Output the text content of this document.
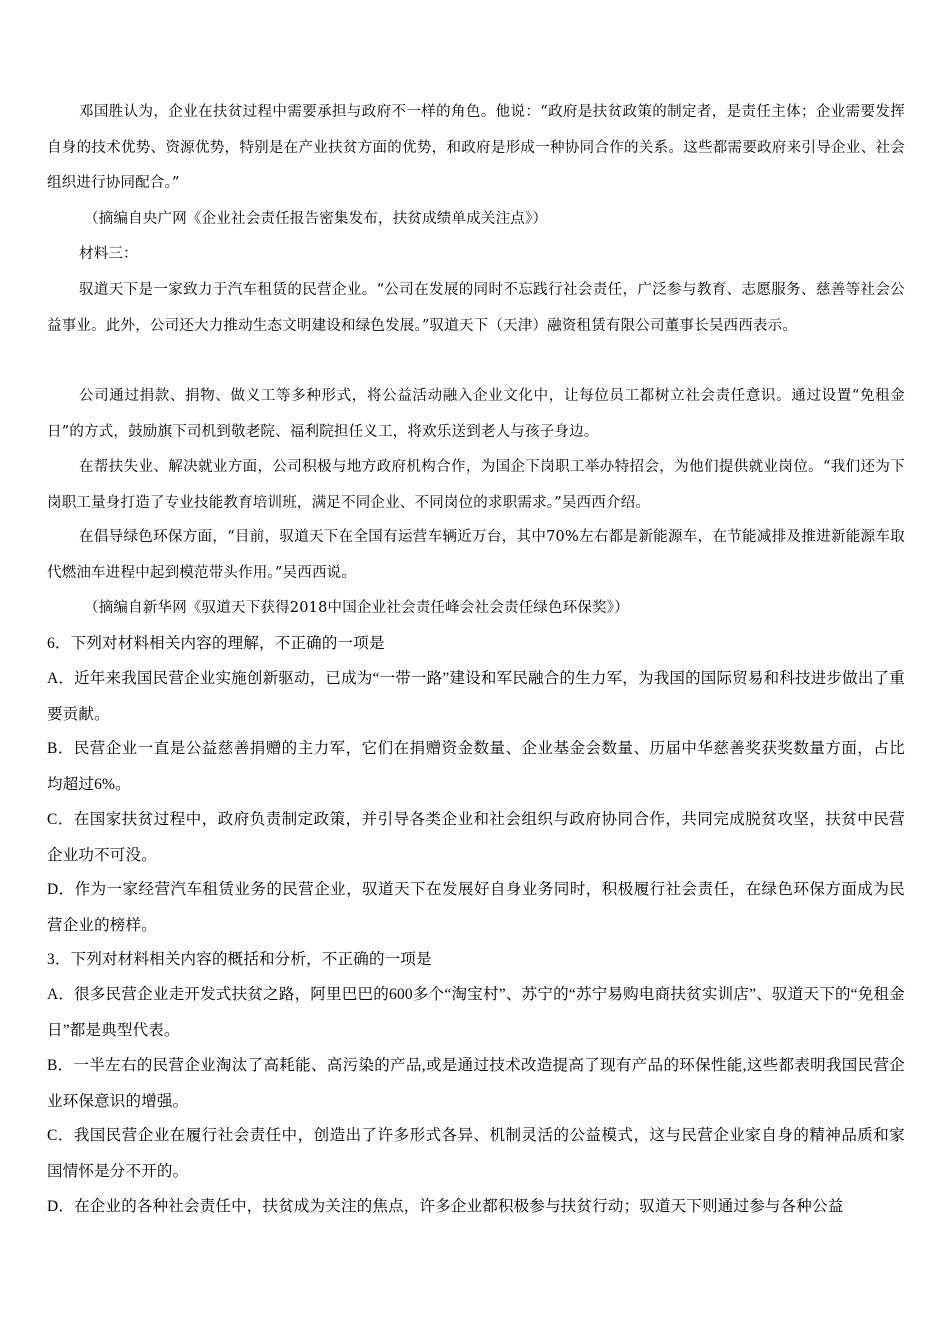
邓国胜认为，企业在扶贫过程中需要承担与政府不一样的角色。他说：“政府是扶贫政策的制定者，是责任主体；企业需要发挥自身的技术优势、资源优势，特别是在产业扶贫方面的优势，和政府是形成一种协同合作的关系。这些都需要政府来引导企业、社会组织进行协同配合。”

（摘编自央广网《企业社会责任报告密集发布，扶贫成绩单成关注点》）

材料三：

驭道天下是一家致力于汽车租赁的民营企业。“公司在发展的同时不忘践行社会责任，广泛参与教育、志愿服务、慈善等社会公益事业。此外，公司还大力推动生态文明建设和绿色发展。”驭道天下（天津）融资租赁有限公司董事长吴西西表示。

公司通过捐款、捐物、做义工等多种形式，将公益活动融入企业文化中，让每位员工都树立社会责任意识。通过设置“免租金日”的方式，鼓励旗下司机到敬老院、福利院担任义工，将欢乐送到老人与孩子身边。

在帮扶失业、解决就业方面，公司积极与地方政府机构合作，为国企下岗职工举办特招会，为他们提供就业岗位。“我们还为下岗职工量身打造了专业技能教育培训班，满足不同企业、不同岗位的求职需求。”吴西西介绍。

在倡导绿色环保方面，“目前，驭道天下在全国有运营车辆近万台，其中70%左右都是新能源车，在节能减排及推进新能源车取代燃油车进程中起到模范带头作用。”吴西西说。

（摘编自新华网《驭道天下获得2018中国企业社会责任峰会社会责任绿色环保奖》）

6．下列对材料相关内容的理解，不正确的一项是

A．近年来我国民营企业实施创新驱动，已成为“一带一路”建设和军民融合的生力军，为我国的国际贸易和科技进步做出了重要贡献。

B．民营企业一直是公益慈善捐赠的主力军，它们在捐赠资金数量、企业基金会数量、历届中华慈善奖获奖数量方面，占比均超过6%。

C．在国家扶贫过程中，政府负责制定政策，并引导各类企业和社会组织与政府协同合作，共同完成脱贫攻坚，扶贫中民营企业功不可没。

D．作为一家经营汽车租赁业务的民营企业，驭道天下在发展好自身业务同时，积极履行社会责任，在绿色环保方面成为民营企业的榜样。

3．下列对材料相关内容的概括和分析，不正确的一项是

A．很多民营企业走开发式扶贫之路，阿里巴巴的600多个“淘宝村”、苏宁的“苏宁易购电商扶贫实训店”、驭道天下的“免租金日”都是典型代表。

B．一半左右的民营企业淘汰了高耗能、高污染的产品,或是通过技术改造提高了现有产品的环保性能,这些都表明我国民营企业环保意识的增强。

C．我国民营企业在履行社会责任中，创造出了许多形式各异、机制灵活的公益模式，这与民营企业家自身的精神品质和家国情怀是分不开的。

D．在企业的各种社会责任中，扶贫成为关注的焦点，许多企业都积极参与扶贫行动；驭道天下则通过参与各种公益
